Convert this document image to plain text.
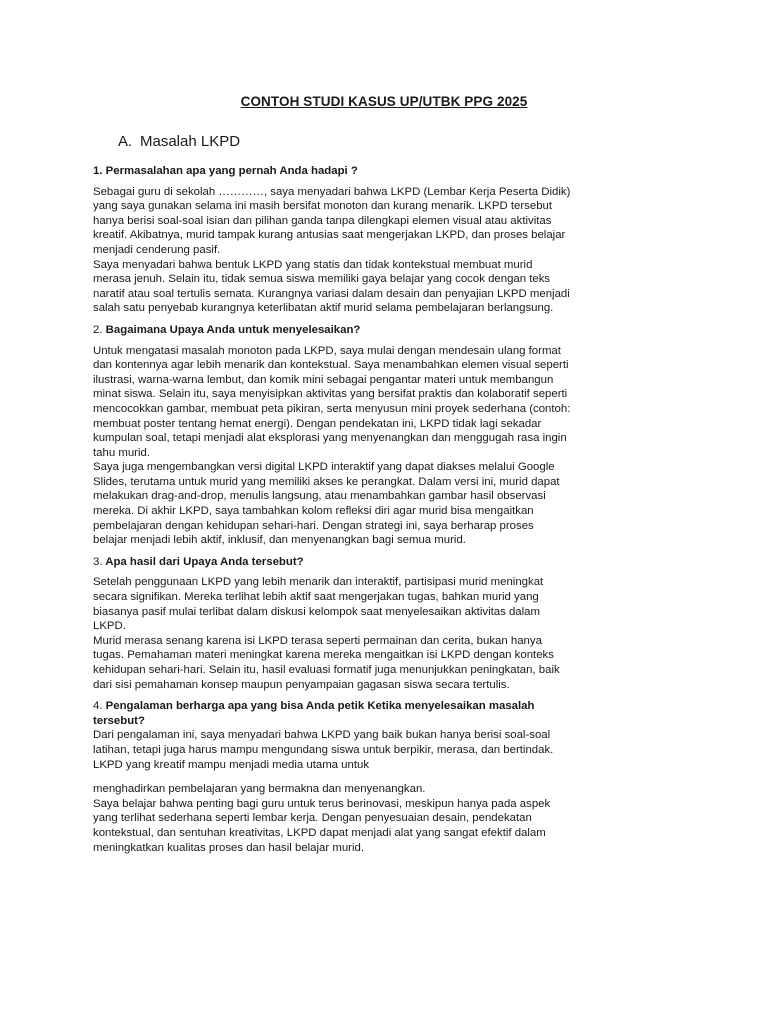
CONTOH STUDI KASUS UP/UTBK PPG 2025
A. Masalah LKPD
1. Permasalahan apa yang pernah Anda hadapi ?

Sebagai guru di sekolah …………, saya menyadari bahwa LKPD (Lembar Kerja Peserta Didik) yang saya gunakan selama ini masih bersifat monoton dan kurang menarik. LKPD tersebut hanya berisi soal-soal isian dan pilihan ganda tanpa dilengkapi elemen visual atau aktivitas kreatif. Akibatnya, murid tampak kurang antusias saat mengerjakan LKPD, dan proses belajar menjadi cenderung pasif.

Saya menyadari bahwa bentuk LKPD yang statis dan tidak kontekstual membuat murid merasa jenuh. Selain itu, tidak semua siswa memiliki gaya belajar yang cocok dengan teks naratif atau soal tertulis semata. Kurangnya variasi dalam desain dan penyajian LKPD menjadi salah satu penyebab kurangnya keterlibatan aktif murid selama pembelajaran berlangsung.

2. Bagaimana Upaya Anda untuk menyelesaikan?

Untuk mengatasi masalah monoton pada LKPD, saya mulai dengan mendesain ulang format dan kontennya agar lebih menarik dan kontekstual. Saya menambahkan elemen visual seperti ilustrasi, warna-warna lembut, dan komik mini sebagai pengantar materi untuk membangun minat siswa. Selain itu, saya menyisipkan aktivitas yang bersifat praktis dan kolaboratif seperti mencocokkan gambar, membuat peta pikiran, serta menyusun mini proyek sederhana (contoh: membuat poster tentang hemat energi). Dengan pendekatan ini, LKPD tidak lagi sekadar kumpulan soal, tetapi menjadi alat eksplorasi yang menyenangkan dan menggugah rasa ingin tahu murid.

Saya juga mengembangkan versi digital LKPD interaktif yang dapat diakses melalui Google Slides, terutama untuk murid yang memiliki akses ke perangkat. Dalam versi ini, murid dapat melakukan drag-and-drop, menulis langsung, atau menambahkan gambar hasil observasi mereka. Di akhir LKPD, saya tambahkan kolom refleksi diri agar murid bisa mengaitkan pembelajaran dengan kehidupan sehari-hari. Dengan strategi ini, saya berharap proses belajar menjadi lebih aktif, inklusif, dan menyenangkan bagi semua murid.

3. Apa hasil dari Upaya Anda tersebut?

Setelah penggunaan LKPD yang lebih menarik dan interaktif, partisipasi murid meningkat secara signifikan. Mereka terlihat lebih aktif saat mengerjakan tugas, bahkan murid yang biasanya pasif mulai terlibat dalam diskusi kelompok saat menyelesaikan aktivitas dalam LKPD.

Murid merasa senang karena isi LKPD terasa seperti permainan dan cerita, bukan hanya tugas. Pemahaman materi meningkat karena mereka mengaitkan isi LKPD dengan konteks kehidupan sehari-hari. Selain itu, hasil evaluasi formatif juga menunjukkan peningkatan, baik dari sisi pemahaman konsep maupun penyampaian gagasan siswa secara tertulis.

4. Pengalaman berharga apa yang bisa Anda petik Ketika menyelesaikan masalah tersebut?

Dari pengalaman ini, saya menyadari bahwa LKPD yang baik bukan hanya berisi soal-soal latihan, tetapi juga harus mampu mengundang siswa untuk berpikir, merasa, dan bertindak. LKPD yang kreatif mampu menjadi media utama untuk

menghadirkan pembelajaran yang bermakna dan menyenangkan.

Saya belajar bahwa penting bagi guru untuk terus berinovasi, meskipun hanya pada aspek yang terlihat sederhana seperti lembar kerja. Dengan penyesuaian desain, pendekatan kontekstual, dan sentuhan kreativitas, LKPD dapat menjadi alat yang sangat efektif dalam meningkatkan kualitas proses dan hasil belajar murid.
